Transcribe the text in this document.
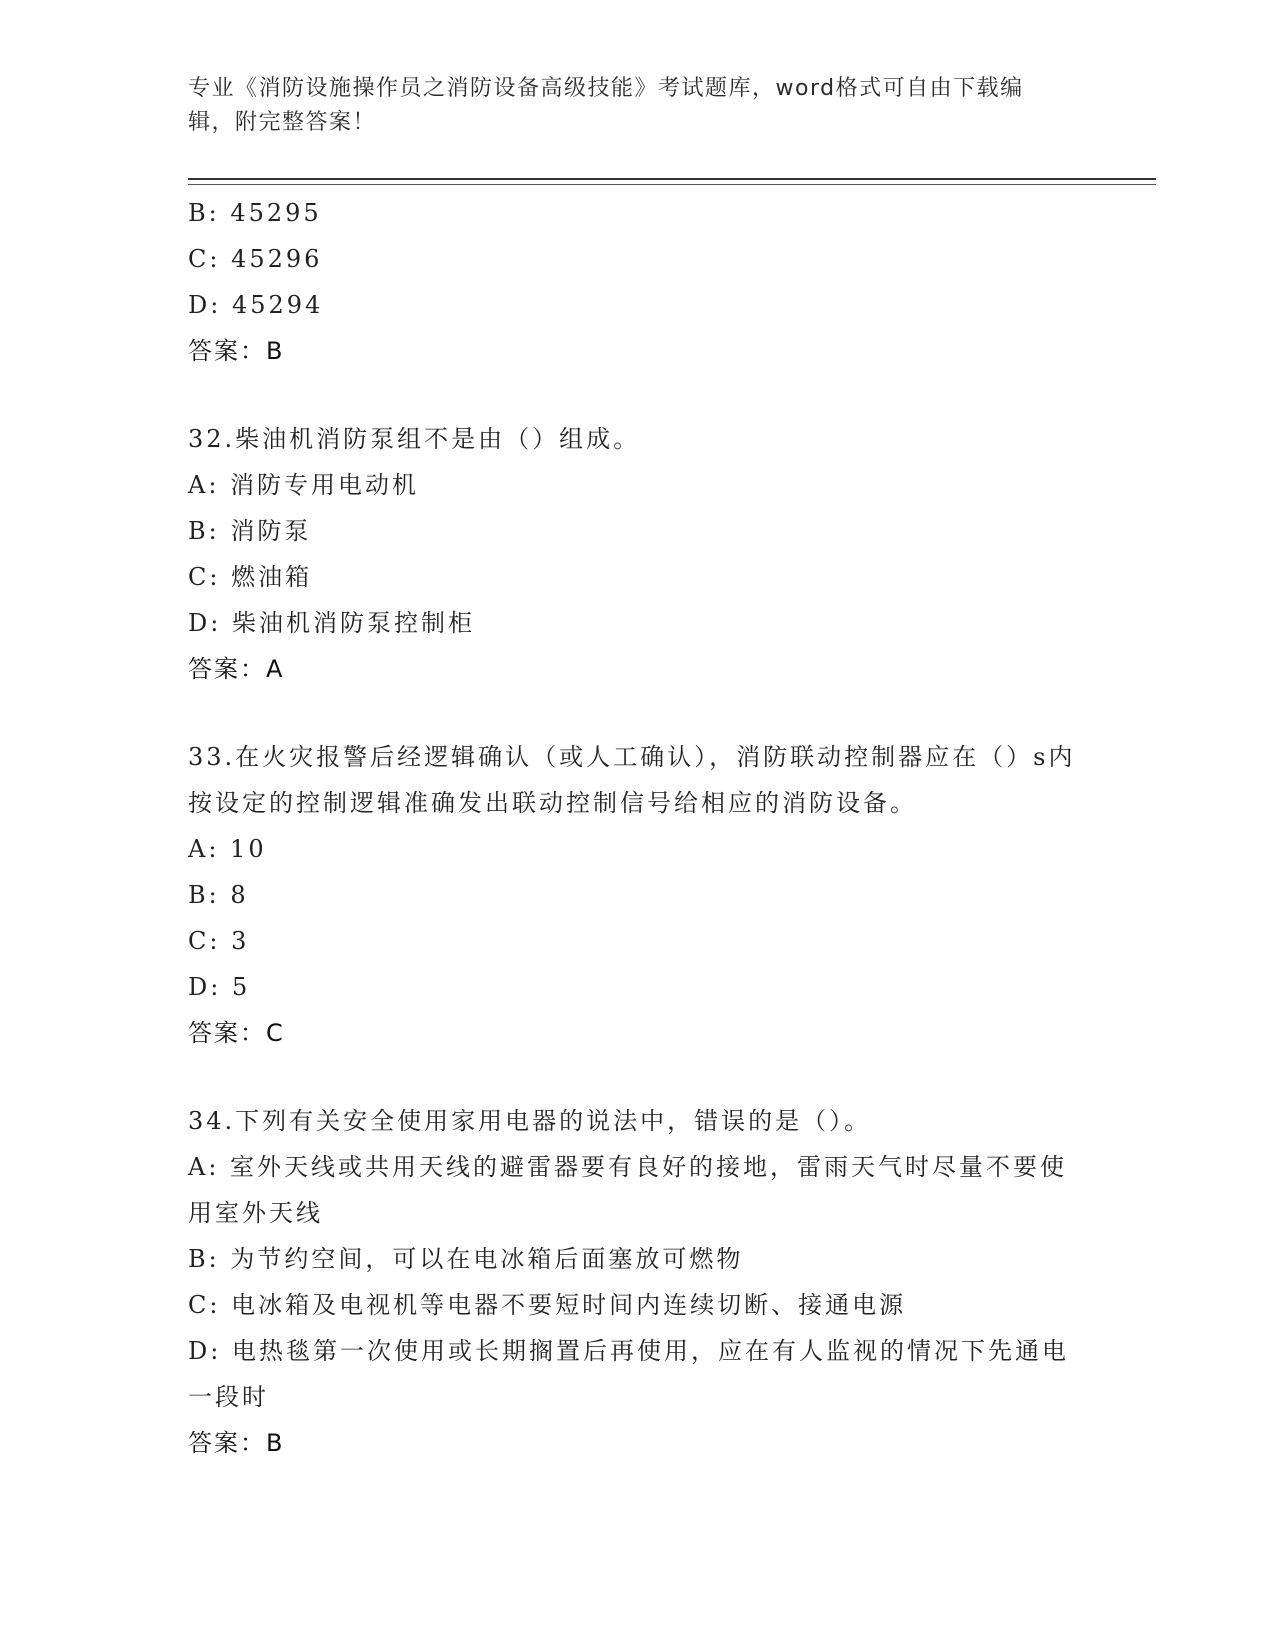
专业《消防设施操作员之消防设备高级技能》考试题库，word格式可自由下载编辑，附完整答案！
B: 45295
C: 45296
D: 45294
答案：B
32.柴油机消防泵组不是由（）组成。
A: 消防专用电动机
B: 消防泵
C: 燃油箱
D: 柴油机消防泵控制柜
答案：A
33.在火灾报警后经逻辑确认（或人工确认），消防联动控制器应在（）s内按设定的控制逻辑准确发出联动控制信号给相应的消防设备。
A: 10
B: 8
C: 3
D: 5
答案：C
34.下列有关安全使用家用电器的说法中，错误的是（）。
A: 室外天线或共用天线的避雷器要有良好的接地，雷雨天气时尽量不要使用室外天线
B: 为节约空间，可以在电冰箱后面塞放可燃物
C: 电冰箱及电视机等电器不要短时间内连续切断、接通电源
D: 电热毯第一次使用或长期搁置后再使用，应在有人监视的情况下先通电一段时
答案：B
